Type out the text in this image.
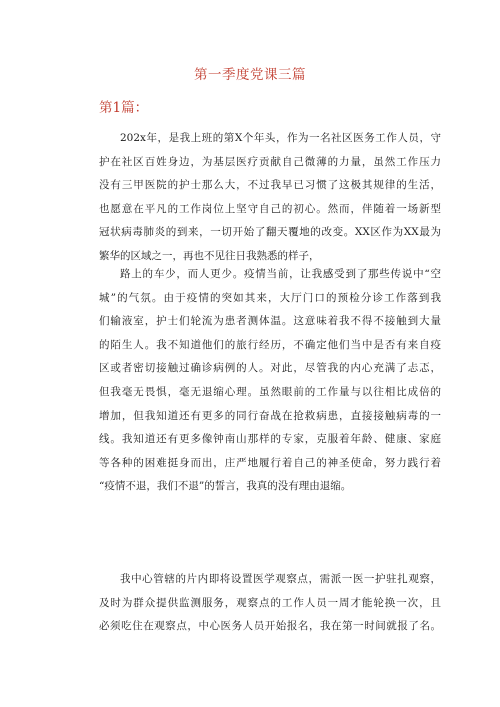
第一季度党课三篇
第1篇：
202x年，是我上班的第X个年头，作为一名社区医务工作人员，守
护在社区百姓身边，为基层医疗贡献自己微薄的力量，虽然工作压力
没有三甲医院的护士那么大，不过我早已习惯了这极其规律的生活，
也愿意在平凡的工作岗位上坚守自己的初心。然而，伴随着一场新型
冠状病毒肺炎的到来，一切开始了翻天覆地的改变。XX区作为XX最为
繁华的区域之一，再也不见往日我熟悉的样子，
路上的车少，而人更少。疫情当前，让我感受到了那些传说中“空
城”的气氛。由于疫情的突如其来，大厅门口的预检分诊工作落到我
们输液室，护士们轮流为患者测体温。这意味着我不得不接触到大量
的陌生人。我不知道他们的旅行经历，不确定他们当中是否有来自疫
区或者密切接触过确诊病例的人。对此，尽管我的内心充满了忐忑，
但我毫无畏惧，毫无退缩心理。虽然眼前的工作量与以往相比成倍的
增加，但我知道还有更多的同行奋战在抢救病患，直接接触病毒的一
线。我知道还有更多像钟南山那样的专家，克服着年龄、健康、家庭
等各种的困难挺身而出，庄严地履行着自己的神圣使命，努力践行着
“疫情不退，我们不退”的誓言，我真的没有理由退缩。
我中心管辖的片内即将设置医学观察点，需派一医一护驻扎观察，
及时为群众提供监测服务，观察点的工作人员一周才能轮换一次，且
必须吃住在观察点，中心医务人员开始报名，我在第一时间就报了名。
